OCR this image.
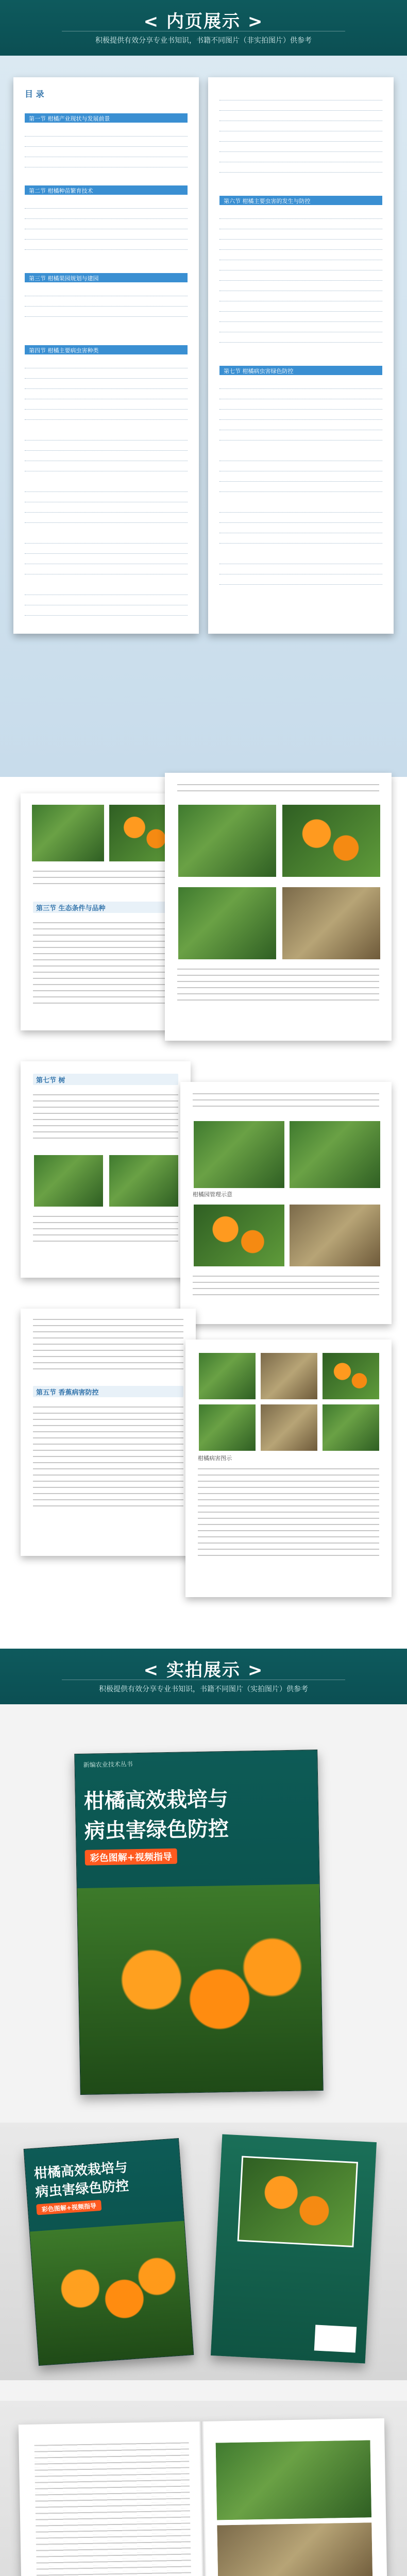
< 内页展示 >
积极提供有效分享专业书知识，书籍不同图片（非实拍图片）供参考
目 录
第一节 柑橘产业现状与发展前景
第二节 柑橘种苗繁育技术
第三节 柑橘果园规划与建园
第四节 柑橘主要病虫害种类
第六节 柑橘主要虫害的发生与防控
第七节 柑橘病虫害绿色防控
第三节 生态条件与品种
第七节 树
柑橘园管理示意
第五节 香蕉病害防控
柑橘病害图示
< 实拍展示 >
积极提供有效分享专业书知识，书籍不同图片（实拍图片）供参考
新编农业技术丛书
柑橘高效栽培与
病虫害绿色防控
彩色图解+视频指导
柑橘高效栽培与
病虫害绿色防控
彩色图解+视频指导
